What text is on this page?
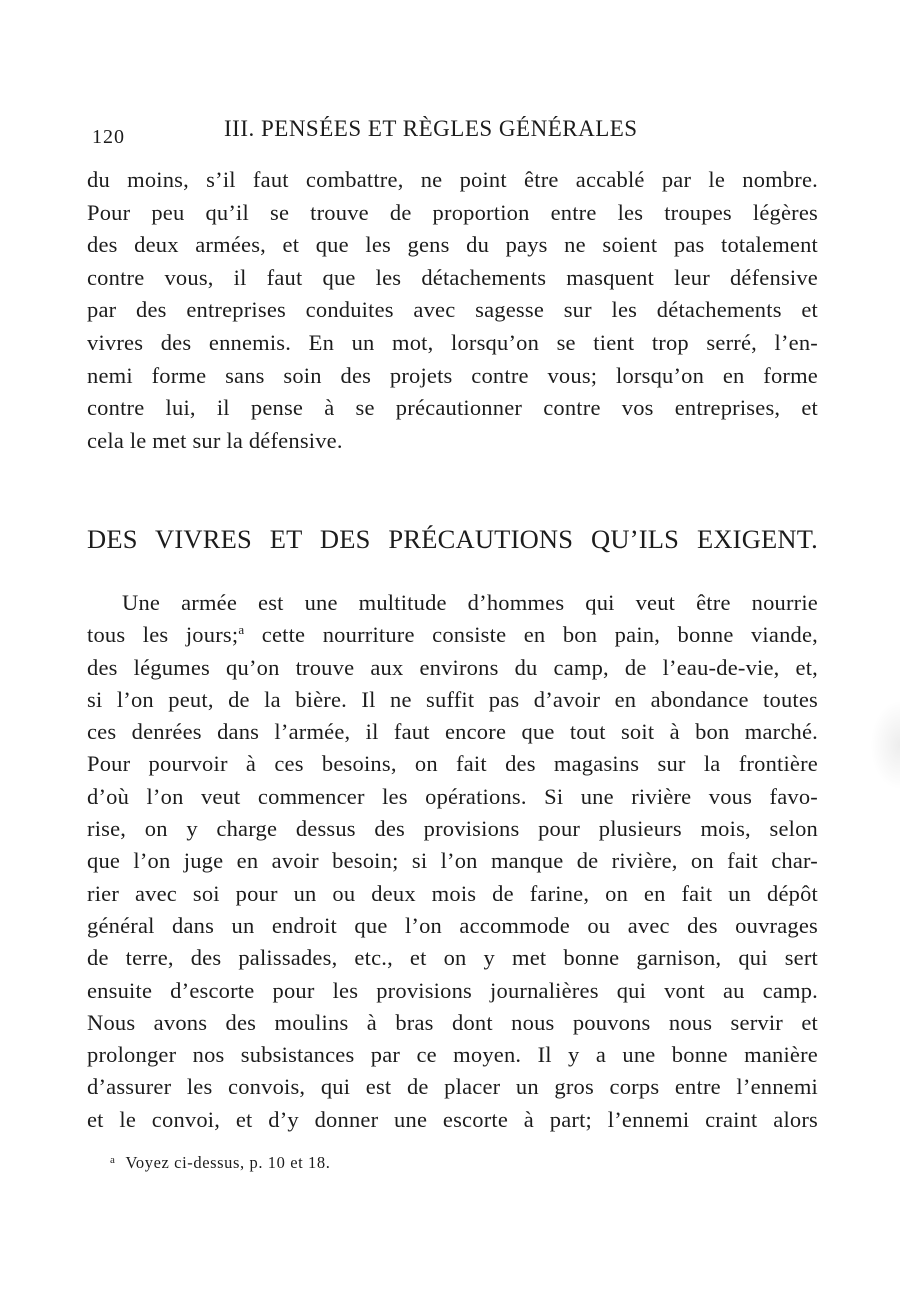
120	III. PENSÉES ET RÈGLES GÉNÉRALES
du moins, s’il faut combattre, ne point être accablé par le nombre.
Pour peu qu’il se trouve de proportion entre les troupes légères
des deux armées, et que les gens du pays ne soient pas totalement
contre vous, il faut que les détachements masquent leur défensive
par des entreprises conduites avec sagesse sur les détachements et
vivres des ennemis. En un mot, lorsqu’on se tient trop serré, l’en-
nemi forme sans soin des projets contre vous; lorsqu’on en forme
contre lui, il pense à se précautionner contre vos entreprises, et
cela le met sur la défensive.
DES VIVRES ET DES PRÉCAUTIONS QU’ILS EXIGENT.
Une armée est une multitude d’hommes qui veut être nourrie
tous les jours;$^a$ cette nourriture consiste en bon pain, bonne viande,
des légumes qu’on trouve aux environs du camp, de l’eau-de-vie, et,
si l’on peut, de la bière. Il ne suffit pas d’avoir en abondance toutes
ces denrées dans l’armée, il faut encore que tout soit à bon marché.
Pour pourvoir à ces besoins, on fait des magasins sur la frontière
d’où l’on veut commencer les opérations. Si une rivière vous favo-
rise, on y charge dessus des provisions pour plusieurs mois, selon
que l’on juge en avoir besoin; si l’on manque de rivière, on fait char-
rier avec soi pour un ou deux mois de farine, on en fait un dépôt
général dans un endroit que l’on accommode ou avec des ouvrages
de terre, des palissades, etc., et on y met bonne garnison, qui sert
ensuite d’escorte pour les provisions journalières qui vont au camp.
Nous avons des moulins à bras dont nous pouvons nous servir et
prolonger nos subsistances par ce moyen. Il y a une bonne manière
d’assurer les convois, qui est de placer un gros corps entre l’ennemi
et le convoi, et d’y donner une escorte à part; l’ennemi craint alors
$^a$ Voyez ci-dessus, p. 10 et 18.
